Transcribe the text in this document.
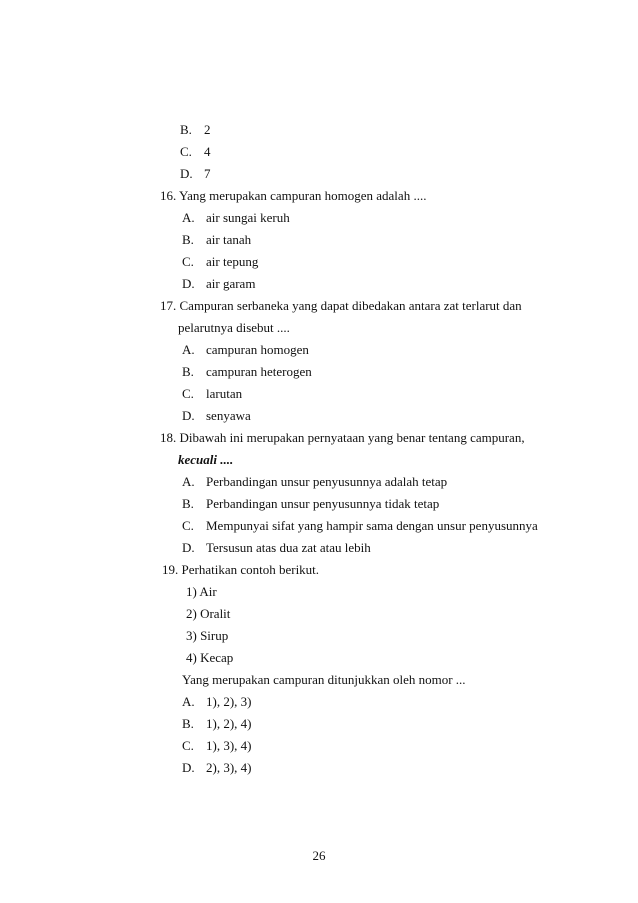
B. 2
C. 4
D. 7
16. Yang merupakan campuran homogen adalah ....
A. air sungai keruh
B. air tanah
C. air tepung
D. air garam
17. Campuran serbaneka yang dapat dibedakan antara zat terlarut dan
pelarutnya disebut ....
A. campuran homogen
B. campuran heterogen
C. larutan
D. senyawa
18. Dibawah ini merupakan pernyataan yang benar tentang campuran,
kecuali ....
A. Perbandingan unsur penyusunnya adalah tetap
B. Perbandingan unsur penyusunnya tidak tetap
C. Mempunyai sifat yang hampir sama dengan unsur penyusunnya
D. Tersusun atas dua zat atau lebih
19. Perhatikan contoh berikut.
1) Air
2) Oralit
3) Sirup
4) Kecap
Yang merupakan campuran ditunjukkan oleh nomor ...
A. 1), 2), 3)
B. 1), 2), 4)
C. 1), 3), 4)
D. 2), 3), 4)
26
